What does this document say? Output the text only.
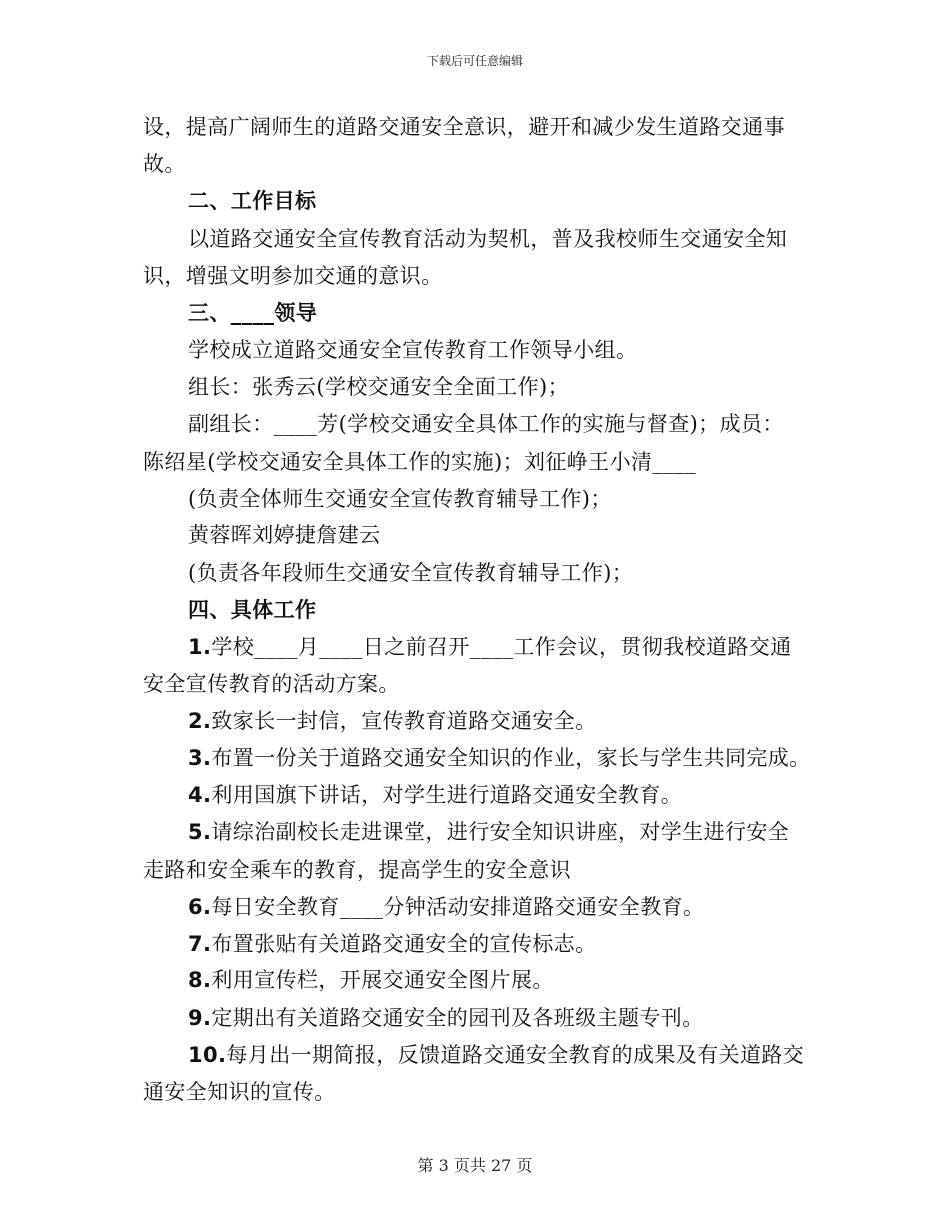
下载后可任意编辑
设，提高广阔师生的道路交通安全意识，避开和减少发生道路交通事
故。
二、工作目标
以道路交通安全宣传教育活动为契机，普及我校师生交通安全知
识，增强文明参加交通的意识。
三、____领导
学校成立道路交通安全宣传教育工作领导小组。
组长：张秀云(学校交通安全全面工作)；
副组长：____芳(学校交通安全具体工作的实施与督查)；成员：
陈绍星(学校交通安全具体工作的实施)；刘征峥王小清____
(负责全体师生交通安全宣传教育辅导工作)；
黄蓉晖刘婷捷詹建云
(负责各年段师生交通安全宣传教育辅导工作)；
四、具体工作
1.学校____月____日之前召开____工作会议，贯彻我校道路交通
安全宣传教育的活动方案。
2.致家长一封信，宣传教育道路交通安全。
3.布置一份关于道路交通安全知识的作业，家长与学生共同完成。
4.利用国旗下讲话，对学生进行道路交通安全教育。
5.请综治副校长走进课堂，进行安全知识讲座，对学生进行安全
走路和安全乘车的教育，提高学生的安全意识
6.每日安全教育____分钟活动安排道路交通安全教育。
7.布置张贴有关道路交通安全的宣传标志。
8.利用宣传栏，开展交通安全图片展。
9.定期出有关道路交通安全的园刊及各班级主题专刊。
10.每月出一期简报，反馈道路交通安全教育的成果及有关道路交
通安全知识的宣传。
第 3 页共 27 页
